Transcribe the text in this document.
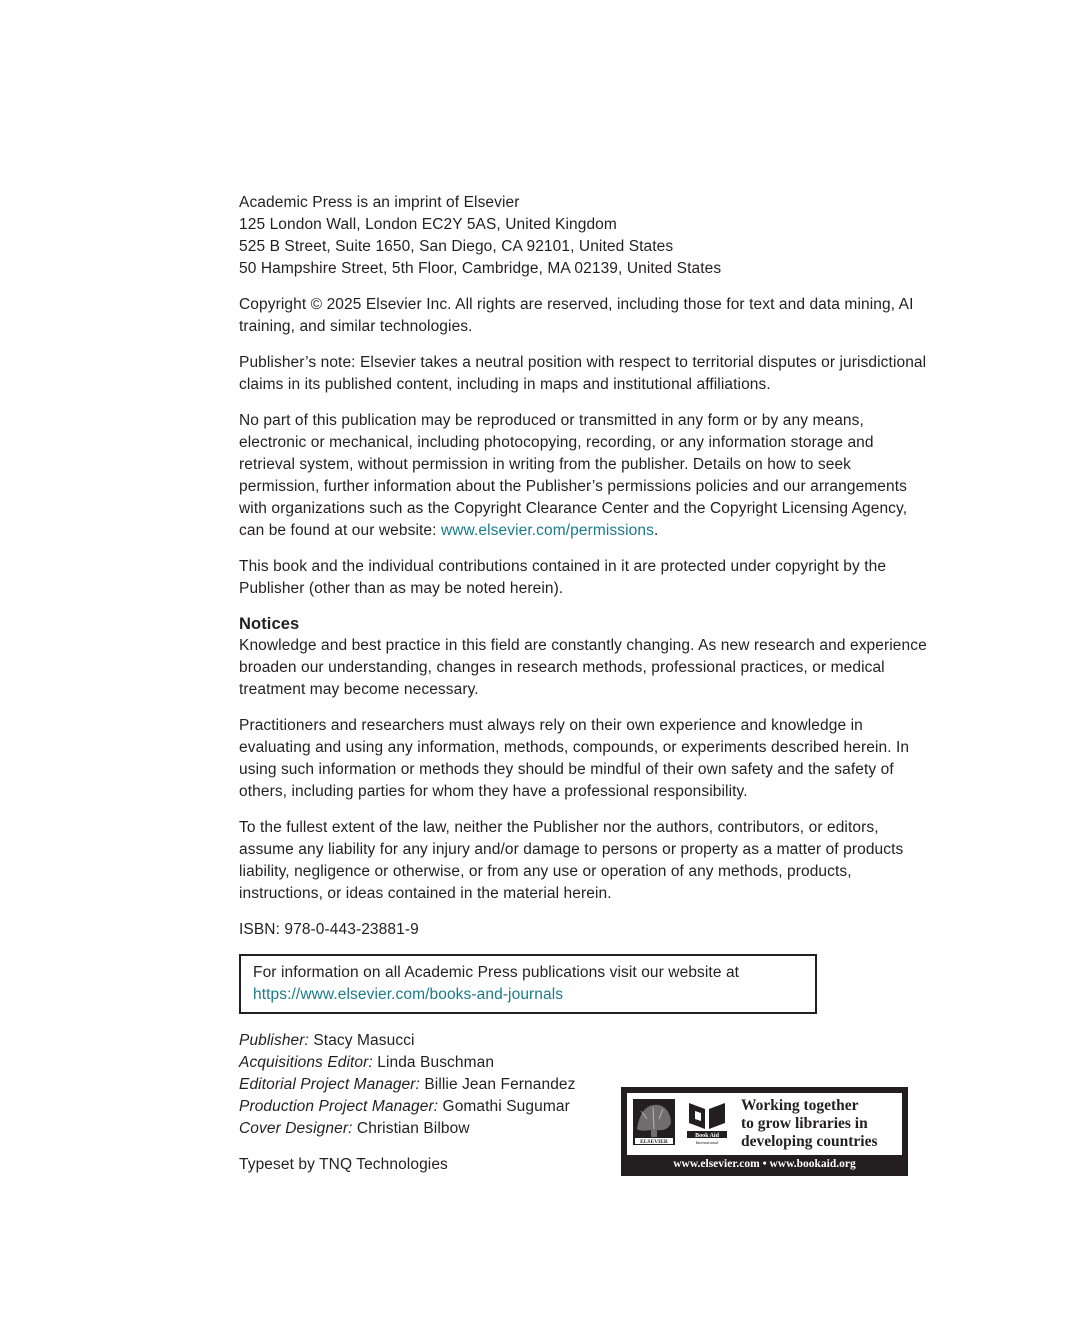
Academic Press is an imprint of Elsevier
125 London Wall, London EC2Y 5AS, United Kingdom
525 B Street, Suite 1650, San Diego, CA 92101, United States
50 Hampshire Street, 5th Floor, Cambridge, MA 02139, United States

Copyright © 2025 Elsevier Inc. All rights are reserved, including those for text and data mining, AI training, and similar technologies.

Publisher’s note: Elsevier takes a neutral position with respect to territorial disputes or jurisdictional claims in its published content, including in maps and institutional affiliations.

No part of this publication may be reproduced or transmitted in any form or by any means, electronic or mechanical, including photocopying, recording, or any information storage and retrieval system, without permission in writing from the publisher. Details on how to seek permission, further information about the Publisher’s permissions policies and our arrangements with organizations such as the Copyright Clearance Center and the Copyright Licensing Agency, can be found at our website: www.elsevier.com/permissions.

This book and the individual contributions contained in it are protected under copyright by the Publisher (other than as may be noted herein).

Notices

Knowledge and best practice in this field are constantly changing. As new research and experience broaden our understanding, changes in research methods, professional practices, or medical treatment may become necessary.

Practitioners and researchers must always rely on their own experience and knowledge in evaluating and using any information, methods, compounds, or experiments described herein. In using such information or methods they should be mindful of their own safety and the safety of others, including parties for whom they have a professional responsibility.

To the fullest extent of the law, neither the Publisher nor the authors, contributors, or editors, assume any liability for any injury and/or damage to persons or property as a matter of products liability, negligence or otherwise, or from any use or operation of any methods, products, instructions, or ideas contained in the material herein.

ISBN: 978-0-443-23881-9

For information on all Academic Press publications visit our website at
https://www.elsevier.com/books-and-journals
Publisher: Stacy Masucci
Acquisitions Editor: Linda Buschman
Editorial Project Manager: Billie Jean Fernandez
Production Project Manager: Gomathi Sugumar
Cover Designer: Christian Bilbow
Typeset by TNQ Technologies
ELSEVIER
Book Aid
International
Working together
to grow libraries in
developing countries
www.elsevier.com • www.bookaid.org
